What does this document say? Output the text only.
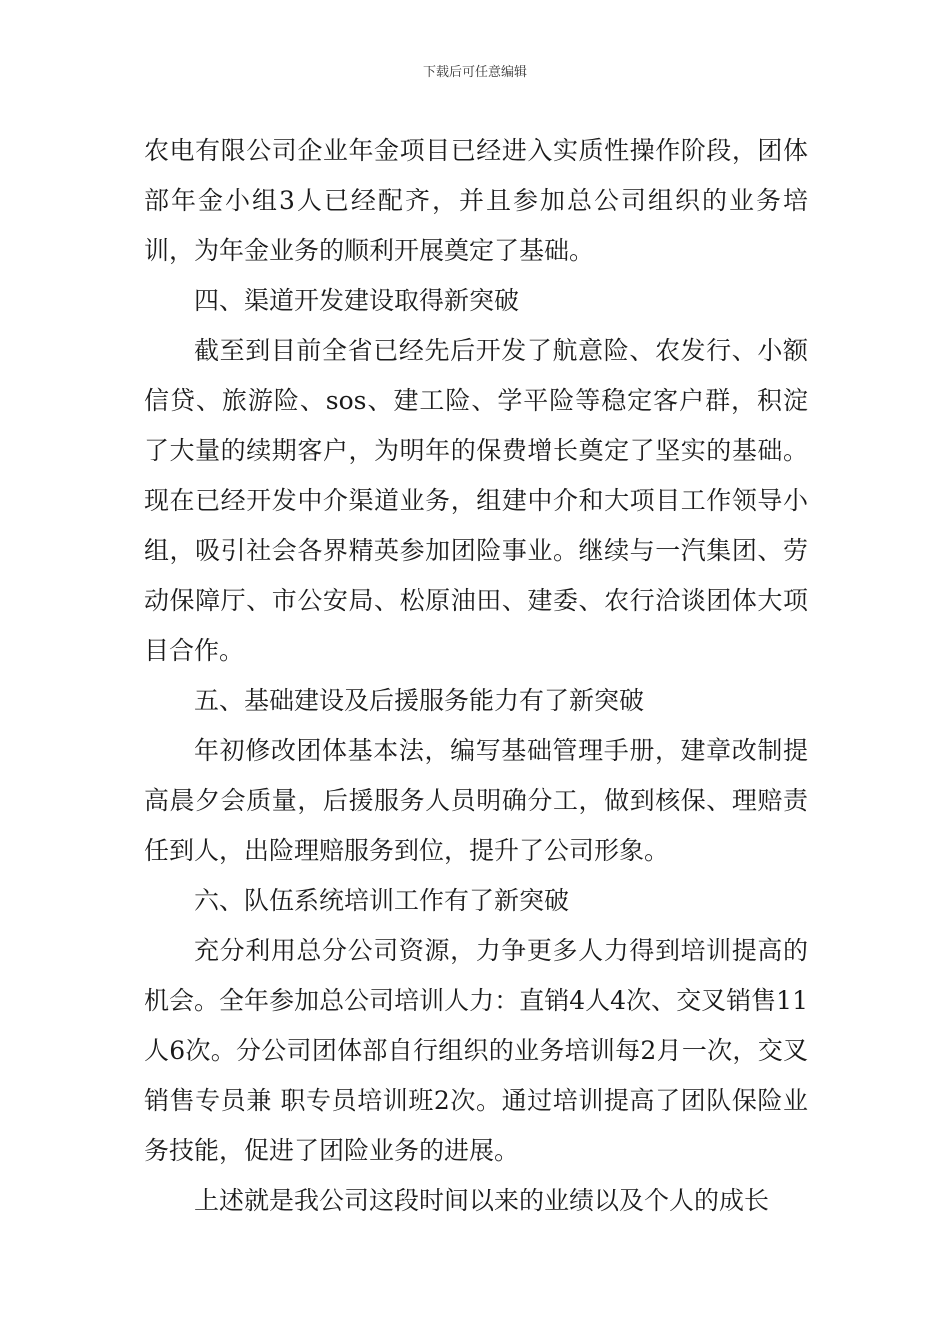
下载后可任意编辑

农电有限公司企业年金项目已经进入实质性操作阶段，团体部年金小组3人已经配齐，并且参加总公司组织的业务培训，为年金业务的顺利开展奠定了基础。

四、渠道开发建设取得新突破

截至到目前全省已经先后开发了航意险、农发行、小额信贷、旅游险、sos、建工险、学平险等稳定客户群，积淀了大量的续期客户，为明年的保费增长奠定了坚实的基础。现在已经开发中介渠道业务，组建中介和大项目工作领导小组，吸引社会各界精英参加团险事业。继续与一汽集团、劳动保障厅、市公安局、松原油田、建委、农行洽谈团体大项目合作。

五、基础建设及后援服务能力有了新突破

年初修改团体基本法，编写基础管理手册，建章改制提高晨夕会质量，后援服务人员明确分工，做到核保、理赔责任到人，出险理赔服务到位，提升了公司形象。

六、队伍系统培训工作有了新突破

充分利用总分公司资源，力争更多人力得到培训提高的机会。全年参加总公司培训人力：直销4人4次、交叉销售11人6次。分公司团体部自行组织的业务培训每2月一次，交叉销售专员兼 职专员培训班2次。通过培训提高了团队保险业务技能，促进了团险业务的进展。

上述就是我公司这段时间以来的业绩以及个人的成长
